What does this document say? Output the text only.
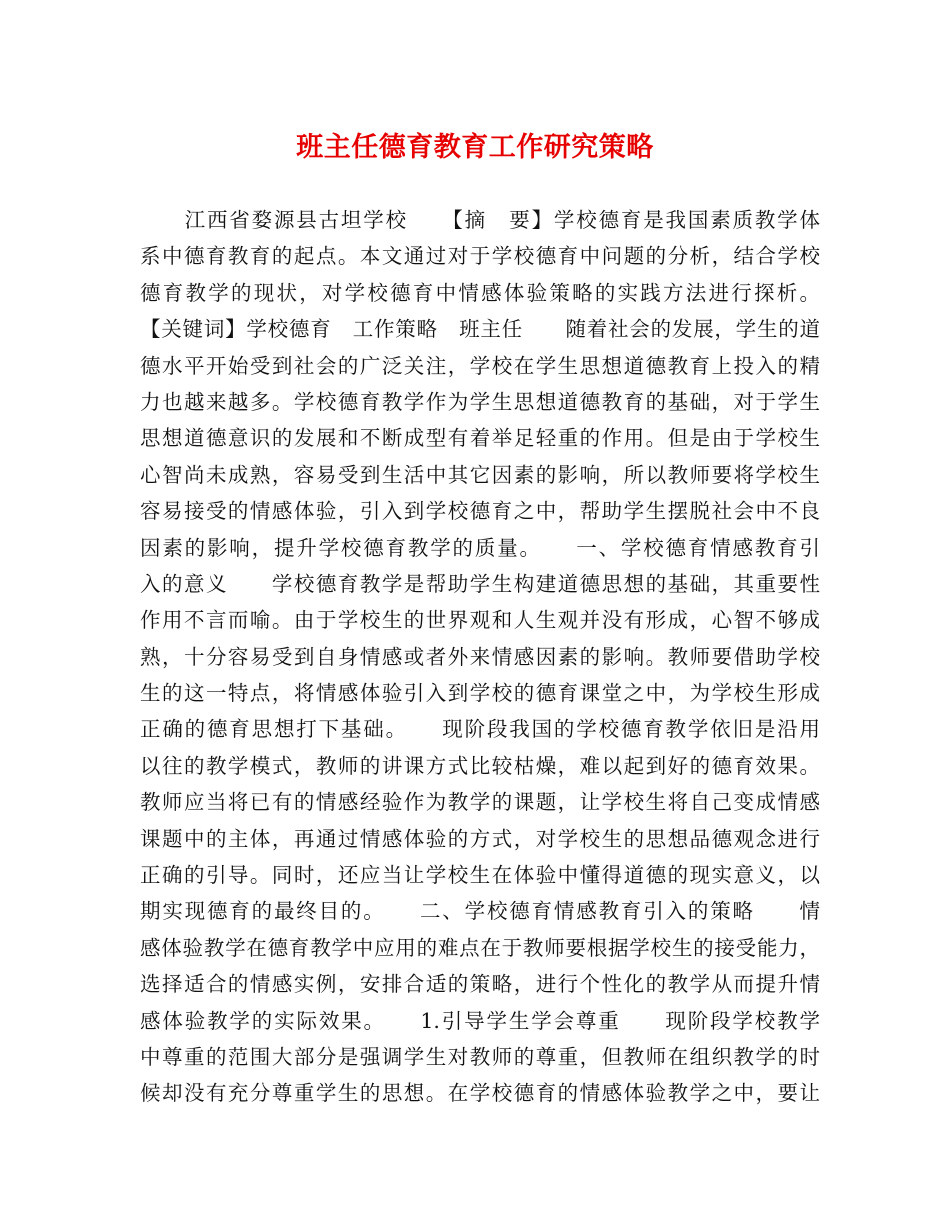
班主任德育教育工作研究策略
　　江西省婺源县古坦学校　　【摘　要】学校德育是我国素质教学体
系中德育教育的起点。本文通过对于学校德育中问题的分析，结合学校
德育教学的现状，对学校德育中情感体验策略的实践方法进行探析。
【关键词】学校德育　工作策略　班主任　　随着社会的发展，学生的道
德水平开始受到社会的广泛关注，学校在学生思想道德教育上投入的精
力也越来越多。学校德育教学作为学生思想道德教育的基础，对于学生
思想道德意识的发展和不断成型有着举足轻重的作用。但是由于学校生
心智尚未成熟，容易受到生活中其它因素的影响，所以教师要将学校生
容易接受的情感体验，引入到学校德育之中，帮助学生摆脱社会中不良
因素的影响，提升学校德育教学的质量。　　一、学校德育情感教育引
入的意义　　学校德育教学是帮助学生构建道德思想的基础，其重要性
作用不言而喻。由于学校生的世界观和人生观并没有形成，心智不够成
熟，十分容易受到自身情感或者外来情感因素的影响。教师要借助学校
生的这一特点，将情感体验引入到学校的德育课堂之中，为学校生形成
正确的德育思想打下基础。　　现阶段我国的学校德育教学依旧是沿用
以往的教学模式，教师的讲课方式比较枯燥，难以起到好的德育效果。
教师应当将已有的情感经验作为教学的课题，让学校生将自己变成情感
课题中的主体，再通过情感体验的方式，对学校生的思想品德观念进行
正确的引导。同时，还应当让学校生在体验中懂得道德的现实意义，以
期实现德育的最终目的。　　二、学校德育情感教育引入的策略　　情
感体验教学在德育教学中应用的难点在于教师要根据学校生的接受能力，
选择适合的情感实例，安排合适的策略，进行个性化的教学从而提升情
感体验教学的实际效果。　　1.引导学生学会尊重　　现阶段学校教学
中尊重的范围大部分是强调学生对教师的尊重，但教师在组织教学的时
候却没有充分尊重学生的思想。在学校德育的情感体验教学之中，要让
